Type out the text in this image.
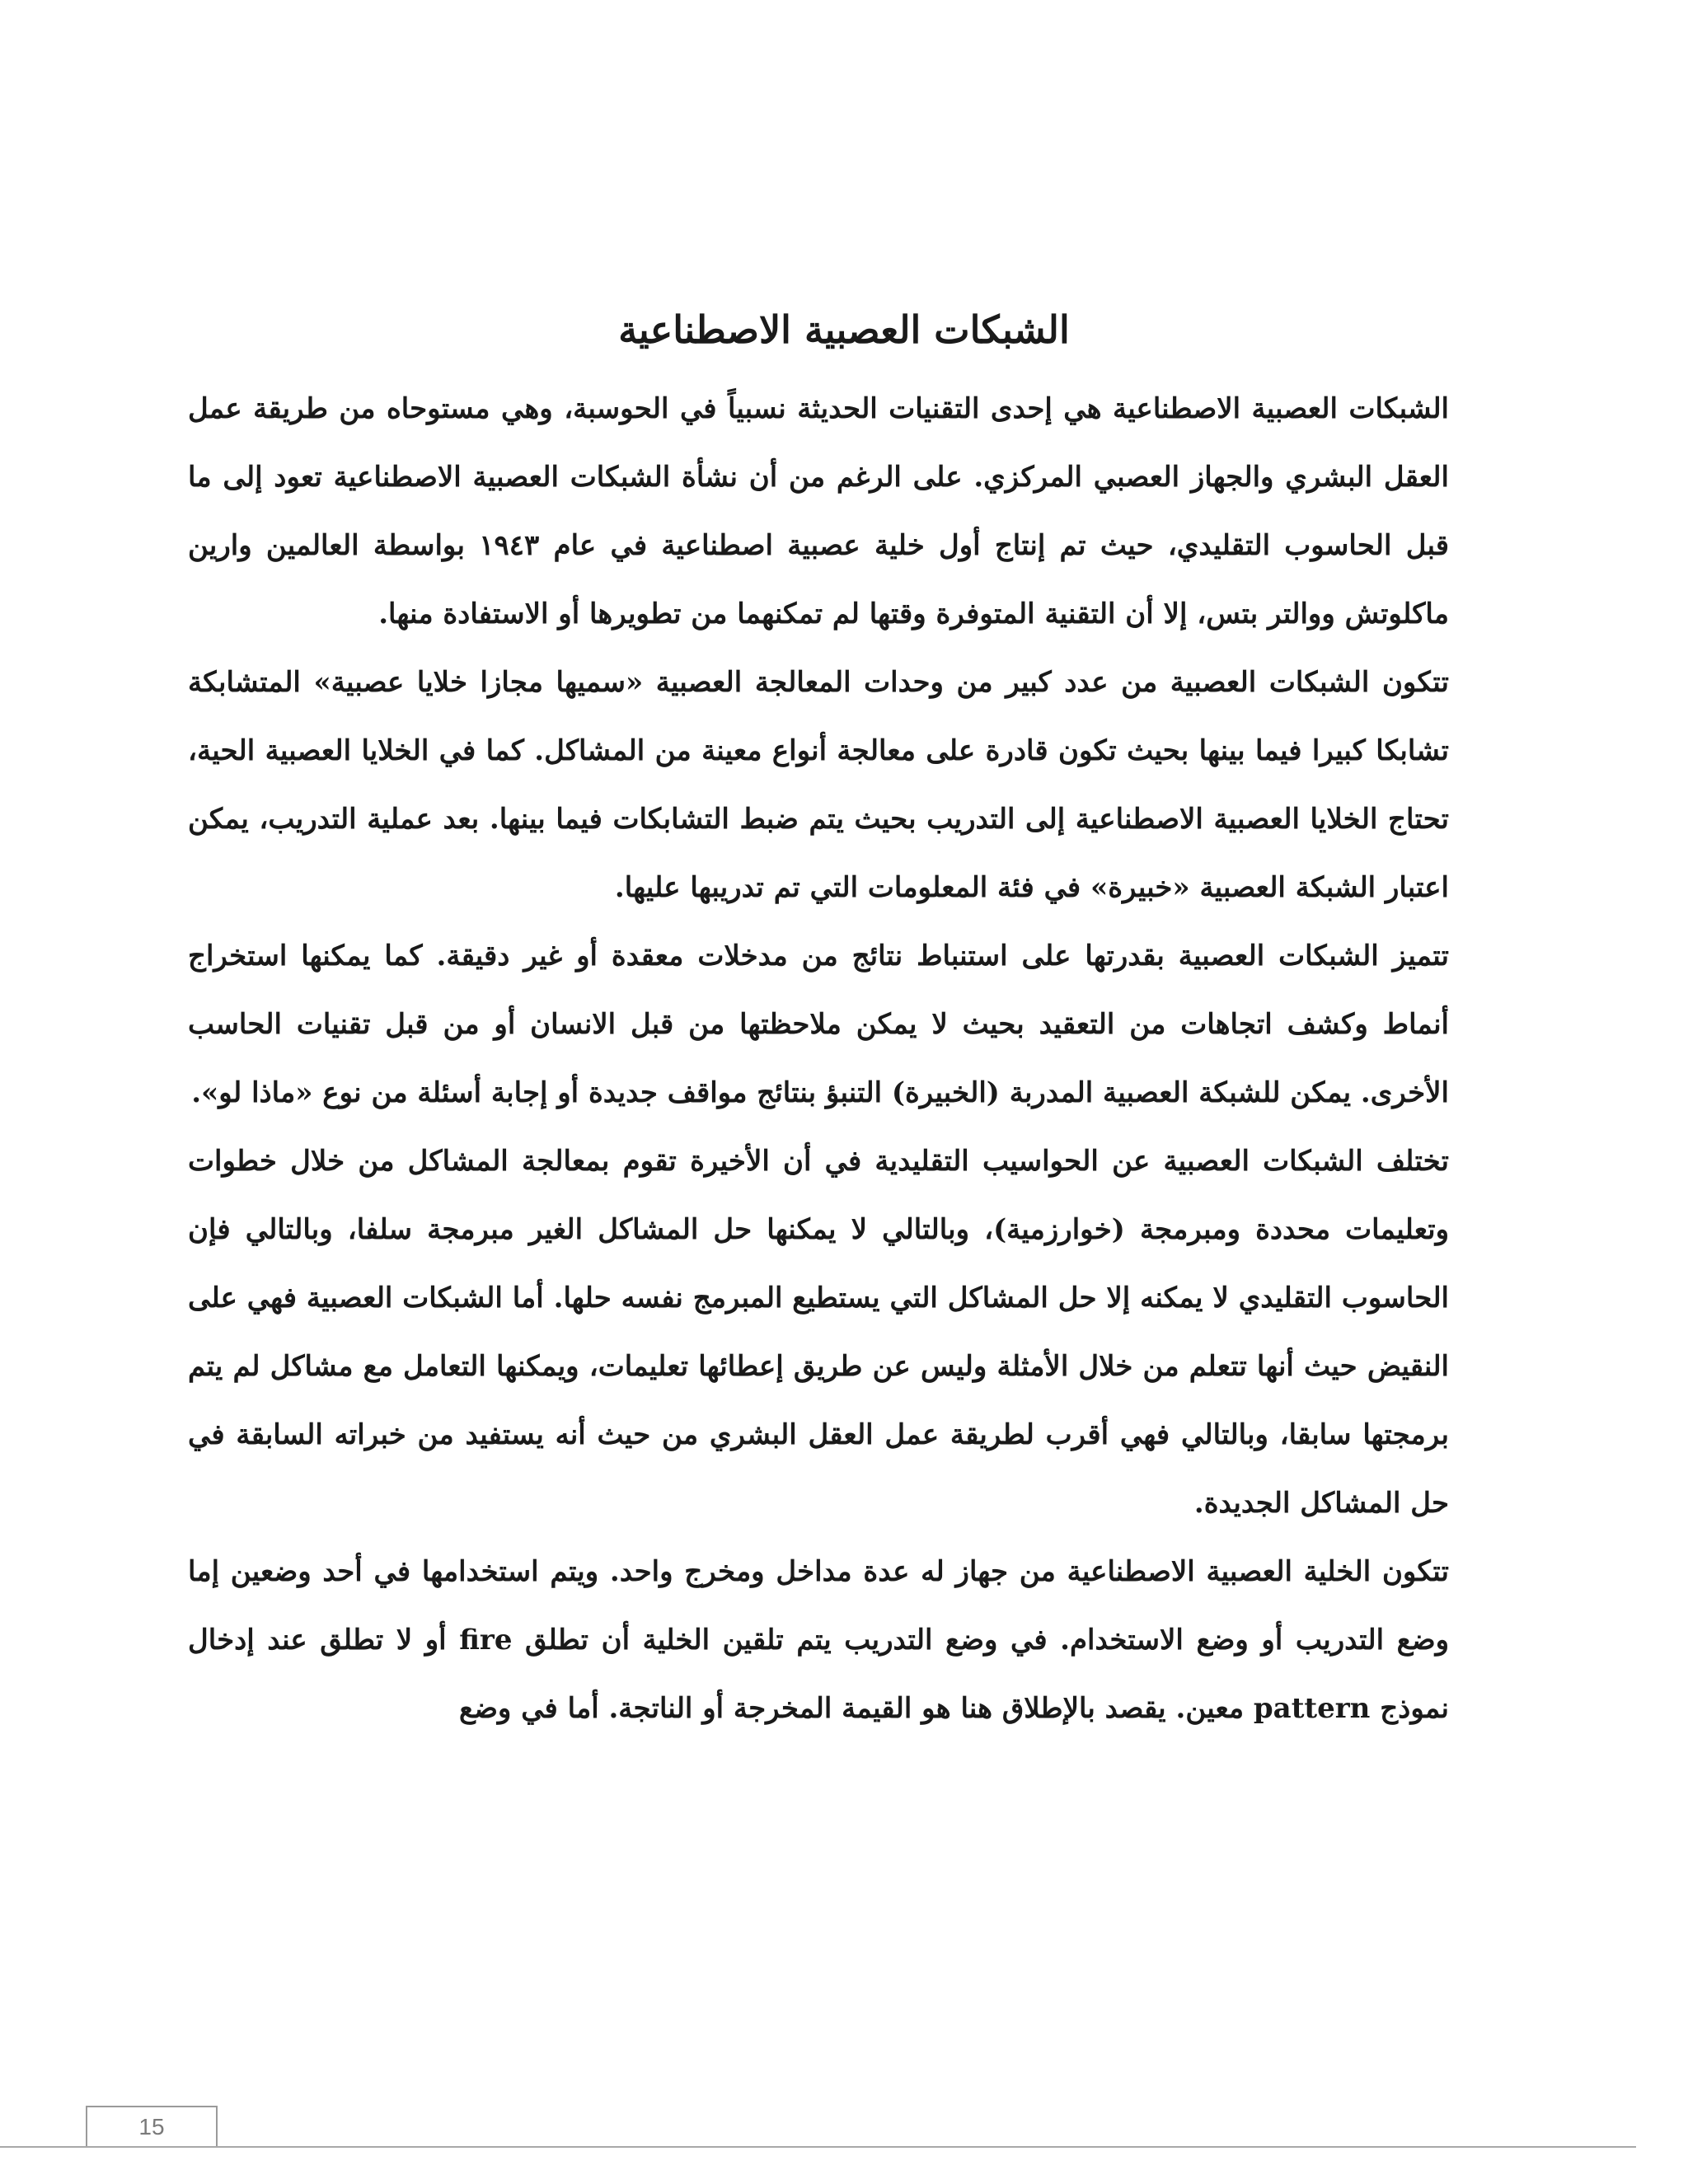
الشبكات العصبية الاصطناعية

الشبكات العصبية الاصطناعية هي إحدى التقنيات الحديثة نسبياً في الحوسبة، وهي مستوحاه من طريقة عمل العقل البشري والجهاز العصبي المركزي. على الرغم من أن نشأة الشبكات العصبية الاصطناعية تعود إلى ما قبل الحاسوب التقليدي، حيث تم إنتاج أول خلية عصبية اصطناعية في عام ١٩٤٣ بواسطة العالمين وارين ماكلوتش ووالتر بتس، إلا أن التقنية المتوفرة وقتها لم تمكنهما من تطويرها أو الاستفادة منها.

تتكون الشبكات العصبية من عدد كبير من وحدات المعالجة العصبية «سميها مجازا خلايا عصبية» المتشابكة تشابكا كبيرا فيما بينها بحيث تكون قادرة على معالجة أنواع معينة من المشاكل. كما في الخلايا العصبية الحية، تحتاج الخلايا العصبية الاصطناعية إلى التدريب بحيث يتم ضبط التشابكات فيما بينها. بعد عملية التدريب، يمكن اعتبار الشبكة العصبية «خبيرة» في فئة المعلومات التي تم تدريبها عليها.

تتميز الشبكات العصبية بقدرتها على استنباط نتائج من مدخلات معقدة أو غير دقيقة. كما يمكنها استخراج أنماط وكشف اتجاهات من التعقيد بحيث لا يمكن ملاحظتها من قبل الانسان أو من قبل تقنيات الحاسب الأخرى. يمكن للشبكة العصبية المدربة (الخبيرة) التنبؤ بنتائج مواقف جديدة أو إجابة أسئلة من نوع «ماذا لو».

تختلف الشبكات العصبية عن الحواسيب التقليدية في أن الأخيرة تقوم بمعالجة المشاكل من خلال خطوات وتعليمات محددة ومبرمجة (خوارزمية)، وبالتالي لا يمكنها حل المشاكل الغير مبرمجة سلفا، وبالتالي فإن الحاسوب التقليدي لا يمكنه إلا حل المشاكل التي يستطيع المبرمج نفسه حلها. أما الشبكات العصبية فهي على النقيض حيث أنها تتعلم من خلال الأمثلة وليس عن طريق إعطائها تعليمات، ويمكنها التعامل مع مشاكل لم يتم برمجتها سابقا، وبالتالي فهي أقرب لطريقة عمل العقل البشري من حيث أنه يستفيد من خبراته السابقة في حل المشاكل الجديدة.

تتكون الخلية العصبية الاصطناعية من جهاز له عدة مداخل ومخرج واحد. ويتم استخدامها في أحد وضعين إما وضع التدريب أو وضع الاستخدام. في وضع التدريب يتم تلقين الخلية أن تطلق fire أو لا تطلق عند إدخال نموذج pattern معين. يقصد بالإطلاق هنا هو القيمة المخرجة أو الناتجة. أما في وضع

15
